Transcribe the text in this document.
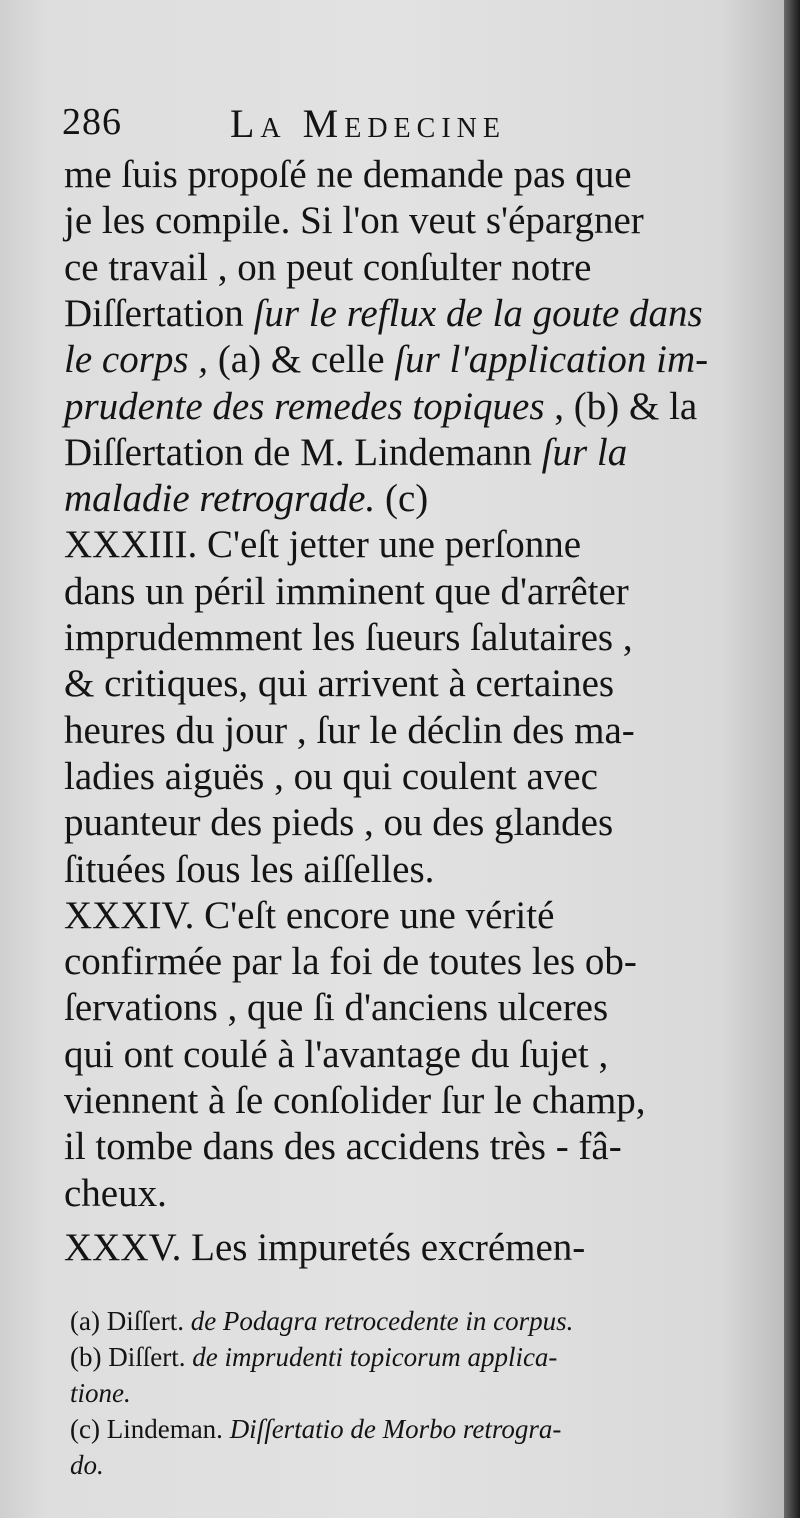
286	La Medecine
me ſuis propoſé ne demande pas que
je les compile. Si l'on veut s'épargner
ce travail , on peut conſulter notre
Diſſertation ſur le reflux de la goute dans
le corps , (a) & celle ſur l'application im-
prudente des remedes topiques , (b) & la
Diſſertation de M. Lindemann ſur la
maladie retrograde. (c)
XXXIII. C'eſt jetter une perſonne
dans un péril imminent que d'arrêter
imprudemment les ſueurs ſalutaires ,
& critiques, qui arrivent à certaines
heures du jour , ſur le déclin des ma-
ladies aiguës , ou qui coulent avec
puanteur des pieds , ou des glandes
ſituées ſous les aiſſelles.
XXXIV. C'eſt encore une vérité
confirmée par la foi de toutes les ob-
ſervations , que ſi d'anciens ulceres
qui ont coulé à l'avantage du ſujet ,
viennent à ſe conſolider ſur le champ,
il tombe dans des accidens très - fâ-
cheux.
XXXV. Les impuretés excrémen-
(a) Diſſert. de Podagra retrocedente in corpus.
(b) Diſſert. de imprudenti topicorum applica-
tione.
(c) Lindeman. Diſſertatio de Morbo retrogra-
do.
